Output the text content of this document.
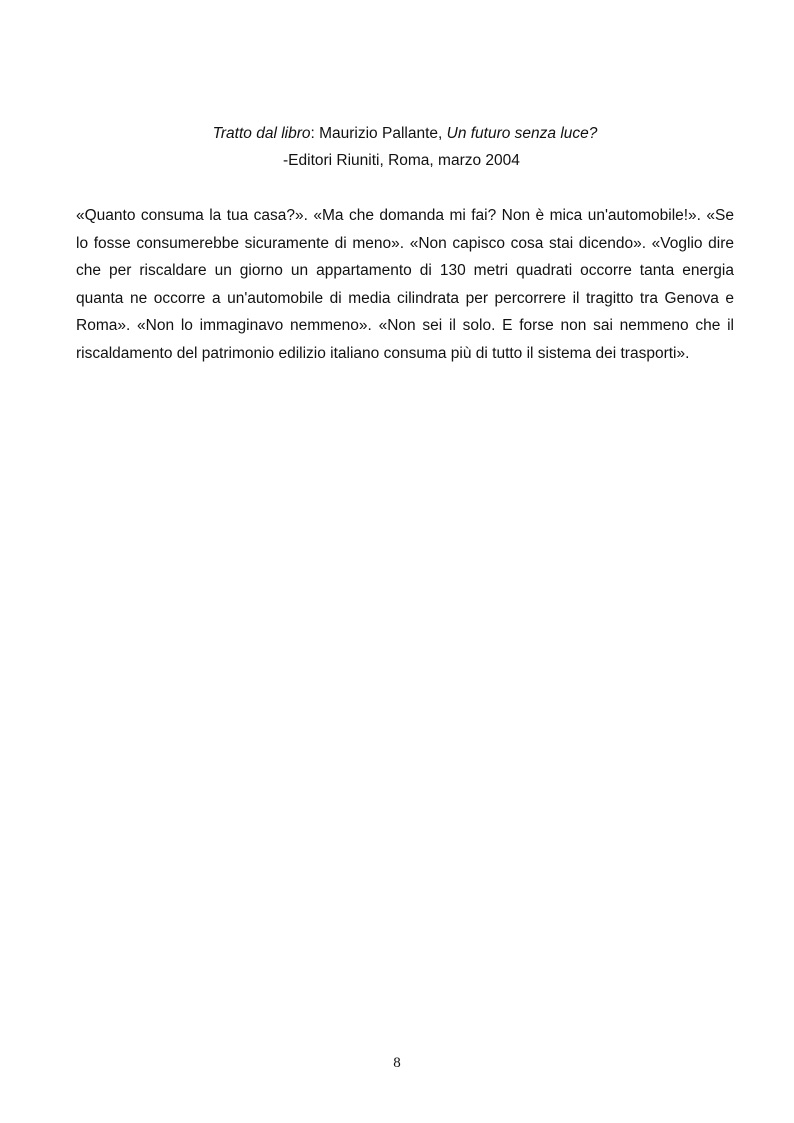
Tratto dal libro: Maurizio Pallante, Un futuro senza luce?
-Editori Riuniti, Roma, marzo 2004

«Quanto consuma la tua casa?». «Ma che domanda mi fai? Non è mica un'automobile!». «Se lo fosse consumerebbe sicuramente di meno». «Non capisco cosa stai dicendo». «Voglio dire che per riscaldare un giorno un appartamento di 130 metri quadrati occorre tanta energia quanta ne occorre a un'automobile di media cilindrata per percorrere il tragitto tra Genova e Roma». «Non lo immaginavo nemmeno». «Non sei il solo. E forse non sai nemmeno che il riscaldamento del patrimonio edilizio italiano consuma più di tutto il sistema dei trasporti».

8
